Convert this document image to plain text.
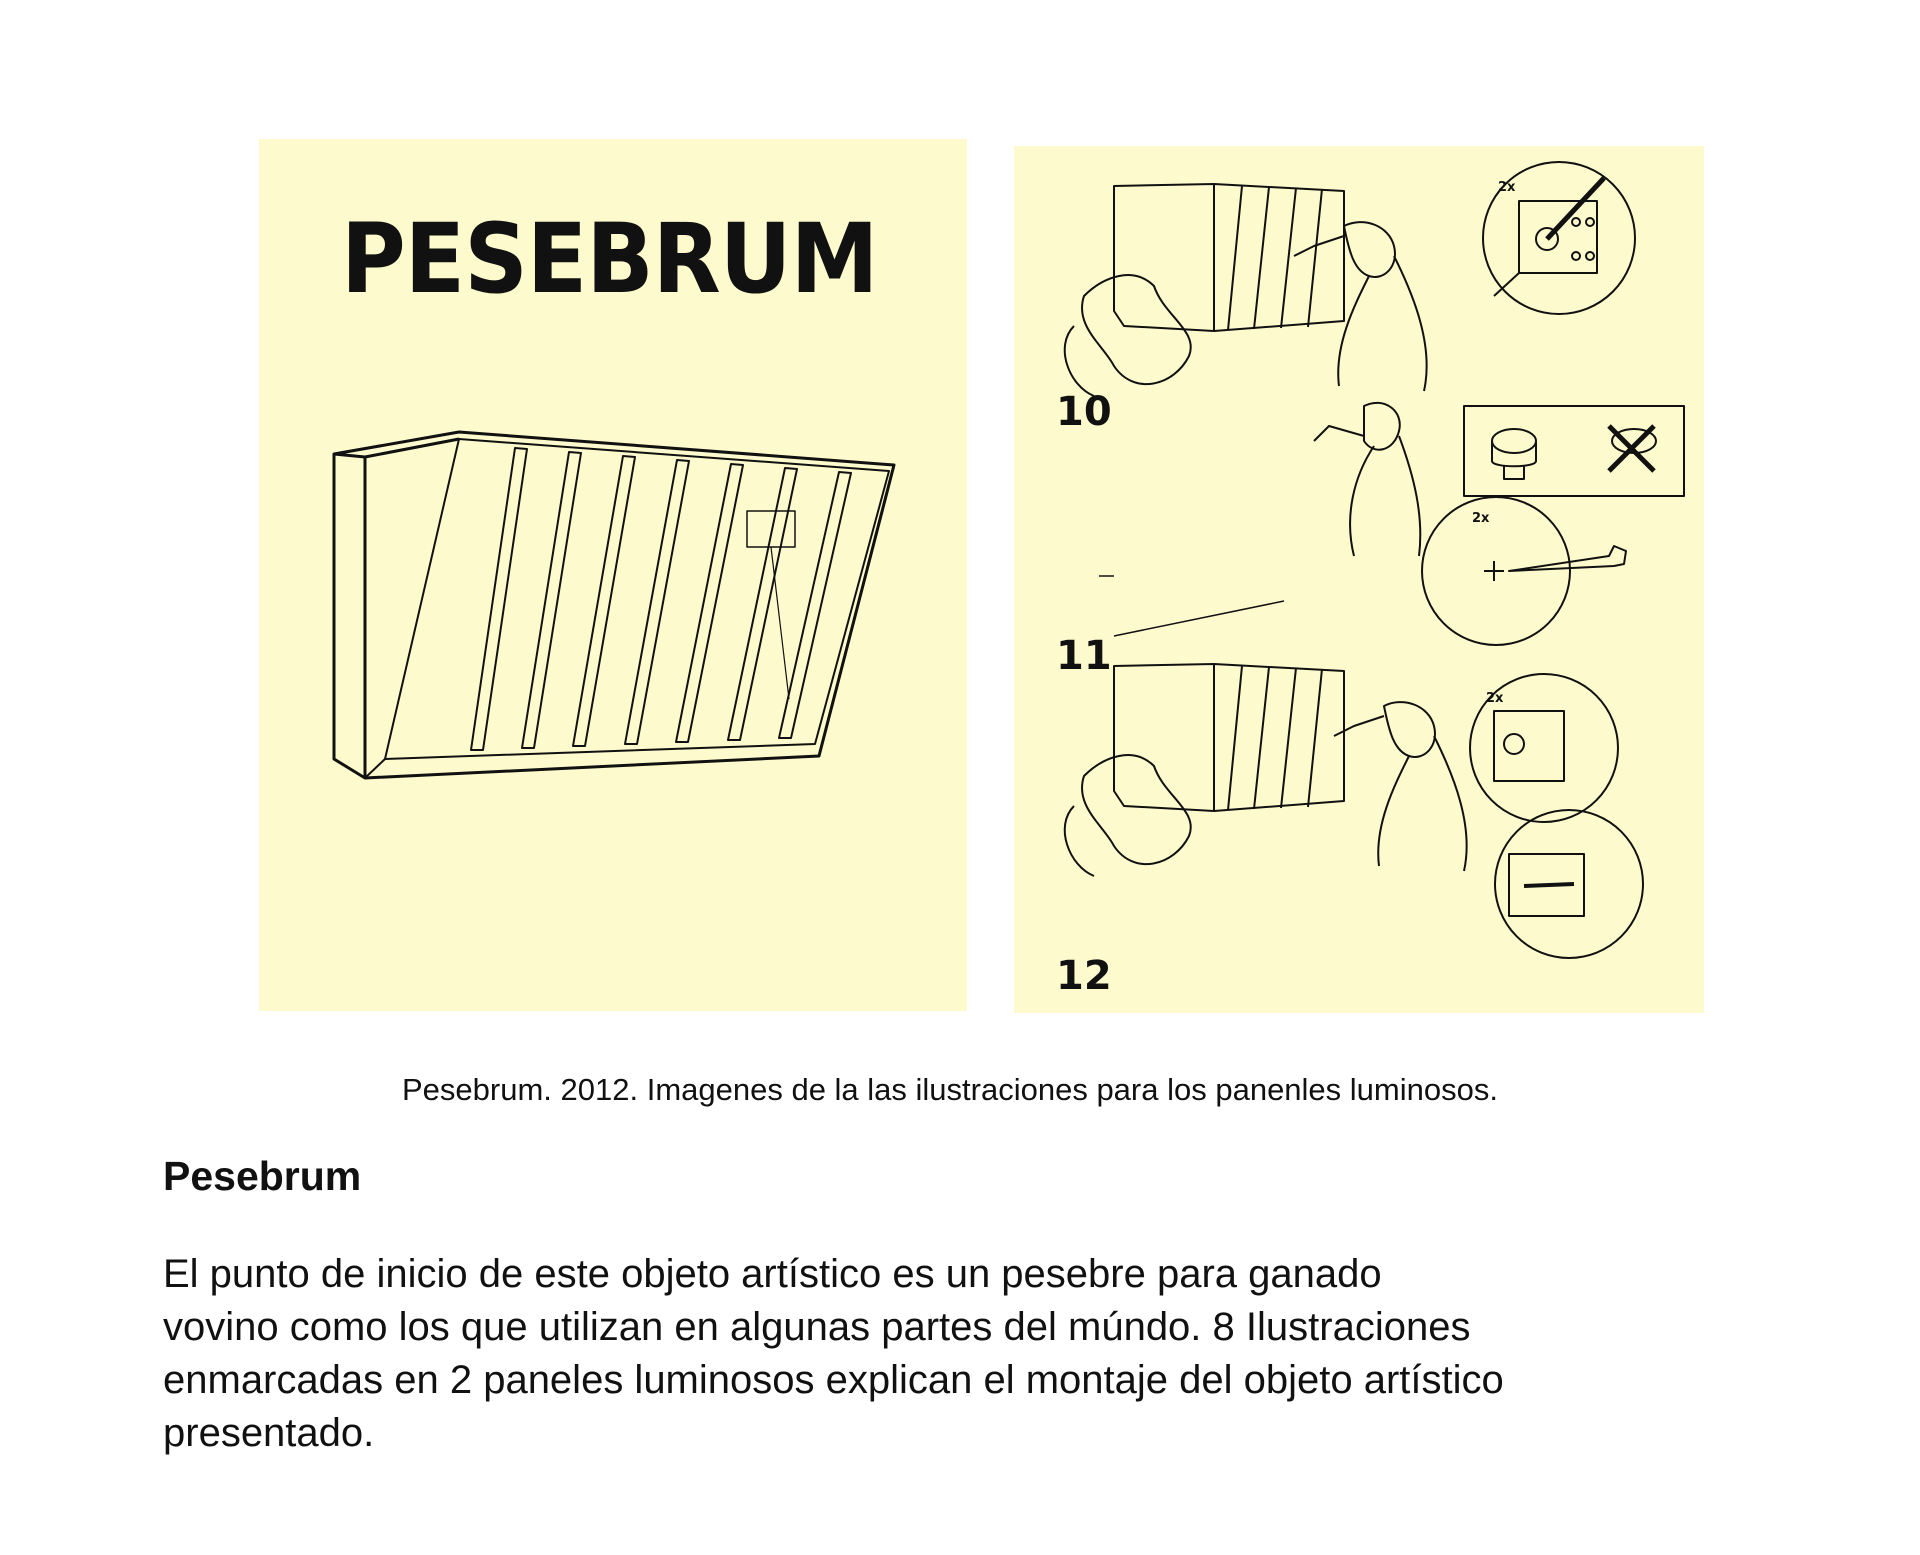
PESEBRUM
2x
2x
2x
10
11
12
Pesebrum. 2012. Imagenes de la las ilustraciones para los panenles luminosos.
Pesebrum
El punto de inicio de este objeto artístico es un pesebre para ganado
vovino como los que utilizan en algunas partes del múndo. 8 Ilustraciones
enmarcadas en 2 paneles luminosos explican el montaje del objeto artístico
presentado.
